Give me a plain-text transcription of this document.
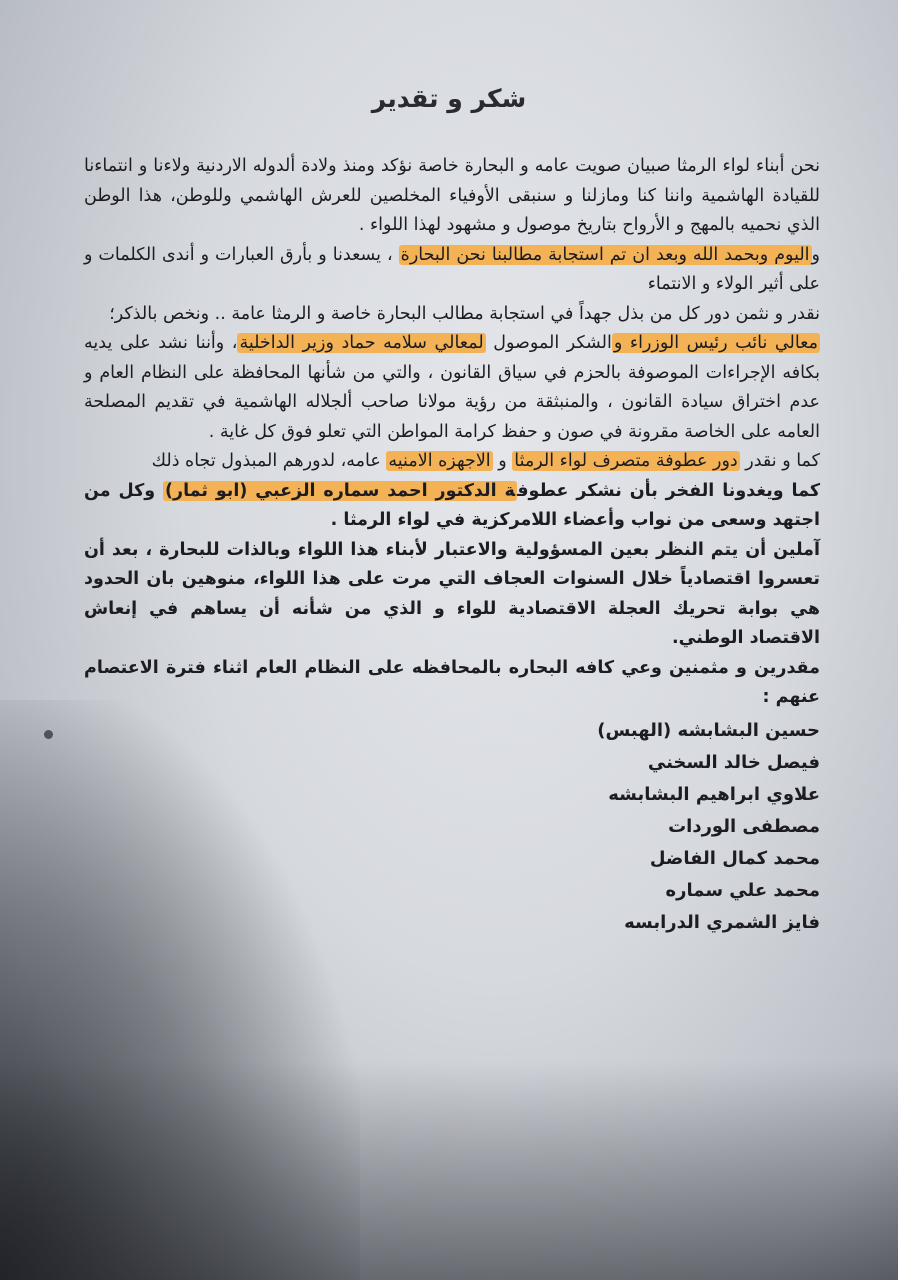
شكر و تقدير

نحن أبناء لواء الرمثا صبيان صويت عامه و البحارة خاصة نؤكد ومنذ ولادة ألدوله الاردنية ولاءنا و انتماءنا للقيادة الهاشمية واننا كنا ومازلنا و سنبقى الأوفياء المخلصين للعرش الهاشمي وللوطن، هذا الوطن الذي نحميه بالمهج و الأرواح بتاريخ موصول و مشهود لهذا اللواء .

واليوم وبحمد الله وبعد ان تم استجابة مطالبنا نحن البحارة ، يسعدنا و بأرق العبارات و أندى الكلمات و على أثير الولاء و الانتماء

نقدر و نثمن دور كل من بذل جهداً في استجابة مطالب البحارة خاصة و الرمثا عامة .. ونخص بالذكر؛

معالي نائب رئيس الوزراء والشكر الموصول لمعالي سلامه حماد وزير الداخلية، وأننا نشد على يديه بكافه الإجراءات الموصوفة بالحزم في سياق القانون ، والتي من شأنها المحافظة على النظام العام و عدم اختراق سيادة القانون ، والمنبثقة من رؤية مولانا صاحب ألجلاله الهاشمية في تقديم المصلحة العامه على الخاصة مقرونة في صون و حفظ كرامة المواطن التي تعلو فوق كل غاية .

كما و نقدر دور عطوفة متصرف لواء الرمثا و الاجهزه الامنيه عامه، لدورهم المبذول تجاه ذلك

كما ويغدونا الفخر بأن نشكر عطوفة الدكتور احمد سماره الزعبي (ابو ثمار) وكل من اجتهد وسعى من نواب وأعضاء اللامركزية في لواء الرمثا .

آملين أن يتم النظر بعين المسؤولية والاعتبار لأبناء هذا اللواء وبالذات للبحارة ، بعد أن تعسروا اقتصادياً خلال السنوات العجاف التي مرت على هذا اللواء، منوهين بان الحدود هي بوابة تحريك العجلة الاقتصادية للواء و الذي من شأنه أن يساهم في إنعاش الاقتصاد الوطني.

مقدرين و مثمنين وعي كافه البحاره بالمحافظه على النظام العام اثناء فترة الاعتصام عنهم :

حسين البشابشه (الهبس)
فيصل خالد السخني
علاوي ابراهيم البشابشه
مصطفى الوردات
محمد كمال الفاضل
محمد علي سماره
فايز الشمري الدرابسه
